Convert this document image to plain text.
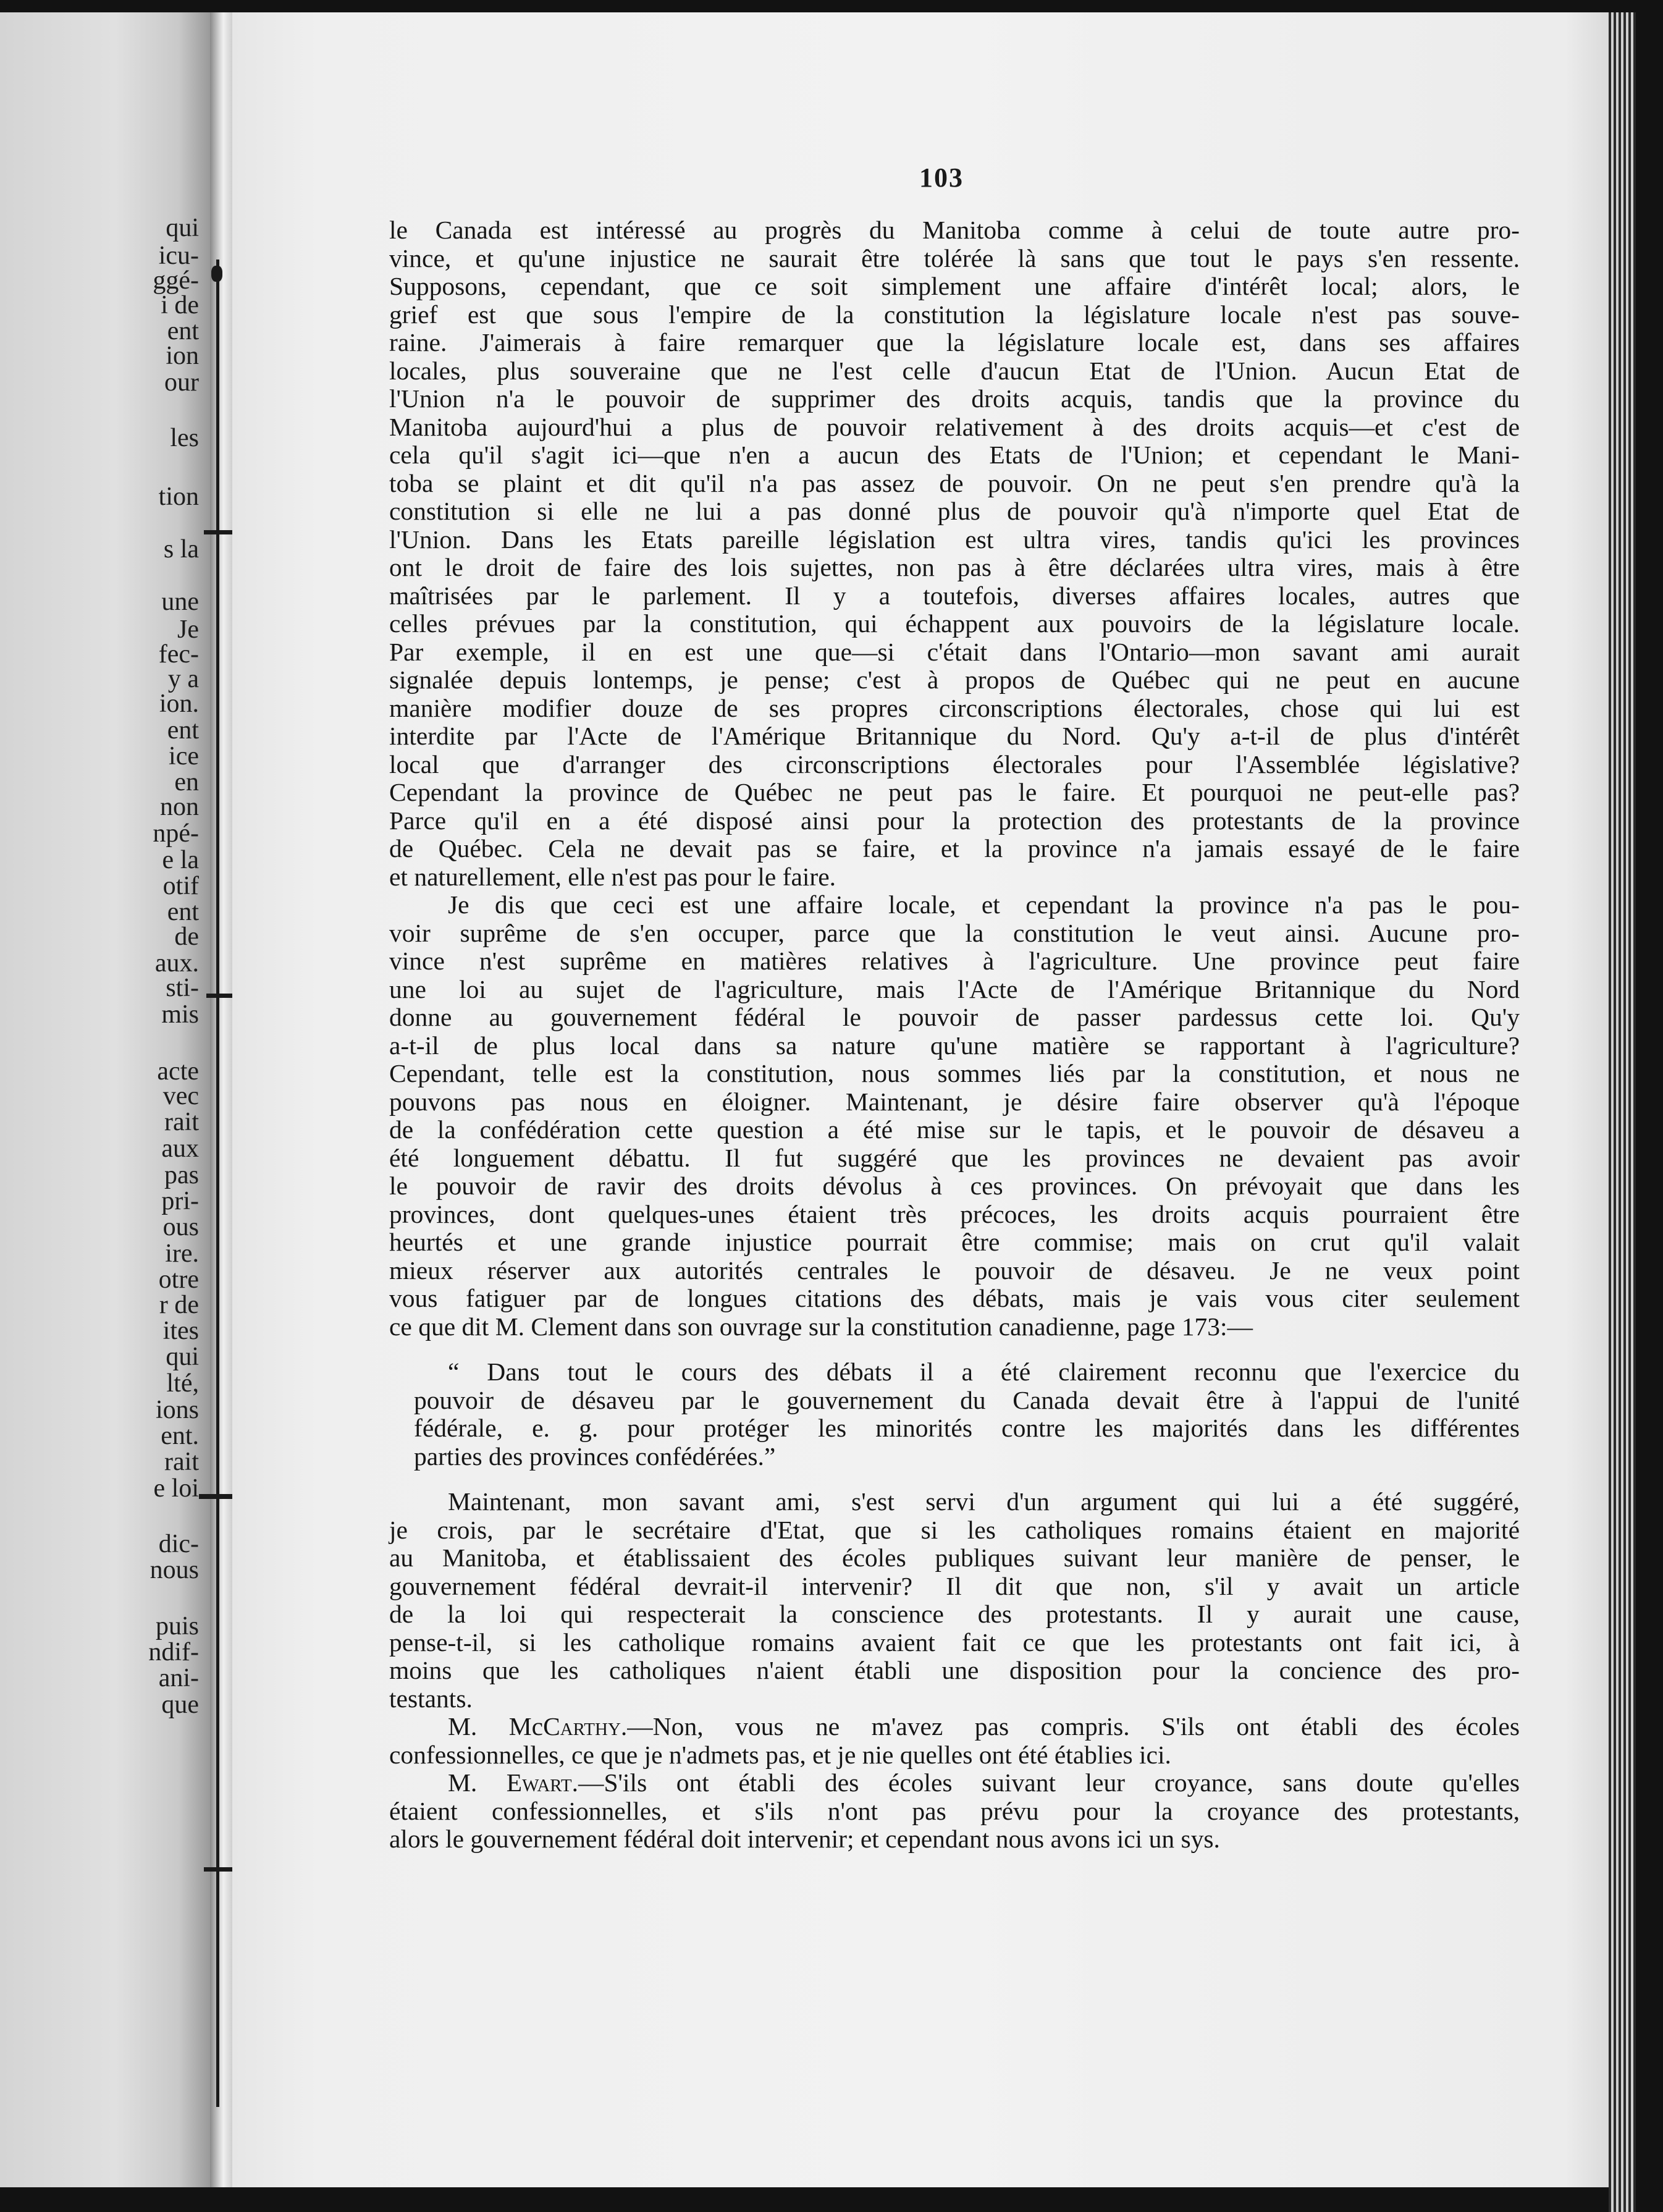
qui
icu-
ggé-
i de
ent
ion
our
les
tion
s la
une
Je
fec-
y a
ion.
ent
ice
en
non
npé-
e la
otif
ent
de
aux.
sti-
mis
acte
vec
rait
aux
pas
pri-
ous
ire.
otre
r de
ites
qui
lté,
ions
ent.
rait
e loi
dic-
nous
puis
ndif-
ani-
que
103
le Canada est intéressé au progrès du Manitoba comme à celui de toute autre pro-
vince, et qu'une injustice ne saurait être tolérée là sans que tout le pays s'en ressente.
Supposons, cependant, que ce soit simplement une affaire d'intérêt local; alors, le
grief est que sous l'empire de la constitution la législature locale n'est pas souve-
raine. J'aimerais à faire remarquer que la législature locale est, dans ses affaires
locales, plus souveraine que ne l'est celle d'aucun Etat de l'Union. Aucun Etat de
l'Union n'a le pouvoir de supprimer des droits acquis, tandis que la province du
Manitoba aujourd'hui a plus de pouvoir relativement à des droits acquis—et c'est de
cela qu'il s'agit ici—que n'en a aucun des Etats de l'Union; et cependant le Mani-
toba se plaint et dit qu'il n'a pas assez de pouvoir. On ne peut s'en prendre qu'à la
constitution si elle ne lui a pas donné plus de pouvoir qu'à n'importe quel Etat de
l'Union. Dans les Etats pareille législation est ultra vires, tandis qu'ici les provinces
ont le droit de faire des lois sujettes, non pas à être déclarées ultra vires, mais à être
maîtrisées par le parlement. Il y a toutefois, diverses affaires locales, autres que
celles prévues par la constitution, qui échappent aux pouvoirs de la législature locale.
Par exemple, il en est une que—si c'était dans l'Ontario—mon savant ami aurait
signalée depuis lontemps, je pense; c'est à propos de Québec qui ne peut en aucune
manière modifier douze de ses propres circonscriptions électorales, chose qui lui est
interdite par l'Acte de l'Amérique Britannique du Nord. Qu'y a-t-il de plus d'intérêt
local que d'arranger des circonscriptions électorales pour l'Assemblée législative?
Cependant la province de Québec ne peut pas le faire. Et pourquoi ne peut-elle pas?
Parce qu'il en a été disposé ainsi pour la protection des protestants de la province
de Québec. Cela ne devait pas se faire, et la province n'a jamais essayé de le faire
et naturellement, elle n'est pas pour le faire.
Je dis que ceci est une affaire locale, et cependant la province n'a pas le pou-
voir suprême de s'en occuper, parce que la constitution le veut ainsi. Aucune pro-
vince n'est suprême en matières relatives à l'agriculture. Une province peut faire
une loi au sujet de l'agriculture, mais l'Acte de l'Amérique Britannique du Nord
donne au gouvernement fédéral le pouvoir de passer pardessus cette loi. Qu'y
a-t-il de plus local dans sa nature qu'une matière se rapportant à l'agriculture?
Cependant, telle est la constitution, nous sommes liés par la constitution, et nous ne
pouvons pas nous en éloigner. Maintenant, je désire faire observer qu'à l'époque
de la confédération cette question a été mise sur le tapis, et le pouvoir de désaveu a
été longuement débattu. Il fut suggéré que les provinces ne devaient pas avoir
le pouvoir de ravir des droits dévolus à ces provinces. On prévoyait que dans les
provinces, dont quelques-unes étaient très précoces, les droits acquis pourraient être
heurtés et une grande injustice pourrait être commise; mais on crut qu'il valait
mieux réserver aux autorités centrales le pouvoir de désaveu. Je ne veux point
vous fatiguer par de longues citations des débats, mais je vais vous citer seulement
ce que dit M. Clement dans son ouvrage sur la constitution canadienne, page 173:—
“ Dans tout le cours des débats il a été clairement reconnu que l'exercice du
pouvoir de désaveu par le gouvernement du Canada devait être à l'appui de l'unité
fédérale, e. g. pour protéger les minorités contre les majorités dans les différentes
parties des provinces confédérées.”
Maintenant, mon savant ami, s'est servi d'un argument qui lui a été suggéré,
je crois, par le secrétaire d'Etat, que si les catholiques romains étaient en majorité
au Manitoba, et établissaient des écoles publiques suivant leur manière de penser, le
gouvernement fédéral devrait-il intervenir? Il dit que non, s'il y avait un article
de la loi qui respecterait la conscience des protestants. Il y aurait une cause,
pense-t-il, si les catholique romains avaient fait ce que les protestants ont fait ici, à
moins que les catholiques n'aient établi une disposition pour la concience des pro-
testants.
M. McCarthy.—Non, vous ne m'avez pas compris. S'ils ont établi des écoles
confessionnelles, ce que je n'admets pas, et je nie quelles ont été établies ici.
M. Ewart.—S'ils ont établi des écoles suivant leur croyance, sans doute qu'elles
étaient confessionnelles, et s'ils n'ont pas prévu pour la croyance des protestants,
alors le gouvernement fédéral doit intervenir; et cependant nous avons ici un sys.
